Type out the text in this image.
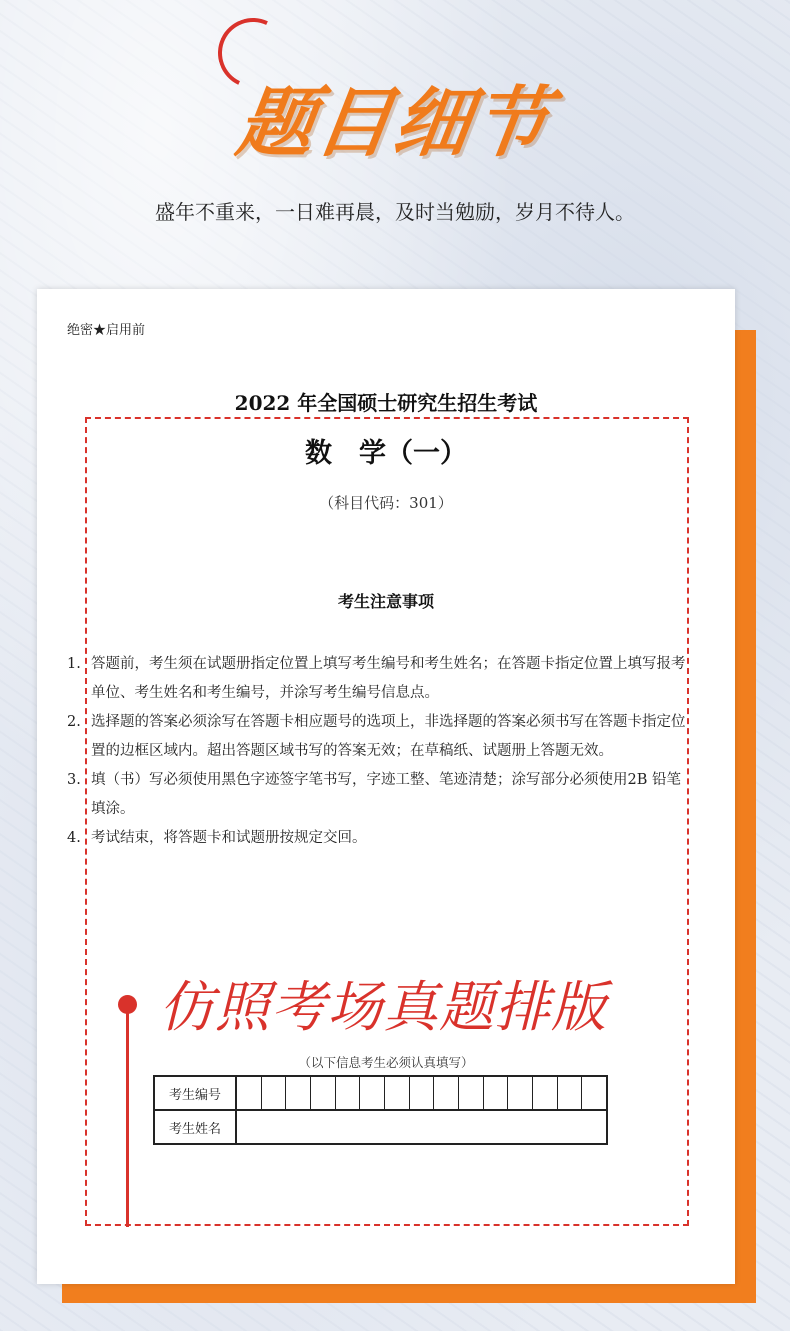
题目细节
盛年不重来，一日难再晨，及时当勉励，岁月不待人。
绝密★启用前
2022 年全国硕士研究生招生考试
数　学（一）
（科目代码：301）
考生注意事项
1. 答题前，考生须在试题册指定位置上填写考生编号和考生姓名；在答题卡指定位置上填写报考单位、考生姓名和考生编号，并涂写考生编号信息点。
2. 选择题的答案必须涂写在答题卡相应题号的选项上，非选择题的答案必须书写在答题卡指定位置的边框区域内。超出答题区域书写的答案无效；在草稿纸、试题册上答题无效。
3. 填（书）写必须使用黑色字迹签字笔书写，字迹工整、笔迹清楚；涂写部分必须使用2B 铅笔填涂。
4. 考试结束，将答题卡和试题册按规定交回。
仿照考场真题排版
（以下信息考生必须认真填写）
考生编号
考生姓名
